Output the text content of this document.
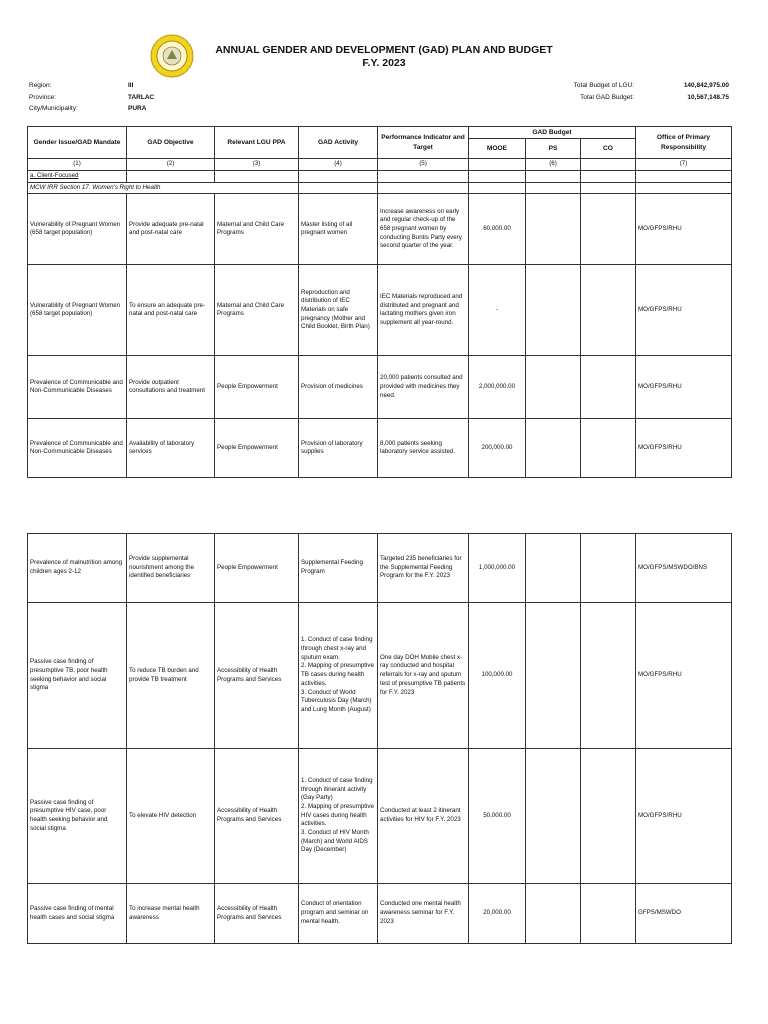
ANNUAL GENDER AND DEVELOPMENT (GAD) PLAN AND BUDGET
F.Y. 2023
Region:	III
Province:	TARLAC
City/Municipality:	PURA
Total Budget of LGU:	140,842,975.00
Total GAD Budget:	10,567,148.75
Gender Issue/GAD Mandate	GAD Objective	Relevant LGU PPA	GAD Activity	Performance Indicator and Target	GAD Budget			Office of Primary Responsibility
					MOOE	PS	CO	
(1)	(2)	(3)	(4)	(5)		(6)		(7)
a. Client-Focused								
MCW IRR Section 17. Women's Right to Health								
Vulnerability of Pregnant Women (658 target population)	Provide adequate pre-natal and post-natal care	Maternal and Child Care Programs	Master listing of all pregnant women	Increase awareness on early and regular check-up of the 658 pregnant women by conducting Buntis Party every second quarter of the year.	60,000.00			MO/GFPS/RHU
Vulnerability of Pregnant Women (658 target population)	To ensure an adequate pre-natal and post-natal care	Maternal and Child Care Programs	Reproduction and distribution of IEC Materials on safe pregnancy (Mother and Child Booklet, Birth Plan)	IEC Materials reproduced and distributed and pregnant and lactating mothers given iron supplement all year-round.	-			MO/GFPS/RHU
Prevalence of Communicable and Non-Communicable Diseases	Provide outpatient consultations and treatment	People Empowerment	Provision of medicines	20,000 patients consulted and provided with medicines they need.	2,000,000.00			MO/GFPS/RHU
Prevalence of Communicable and Non-Communicable Diseases	Availability of laboratory services	People Empowerment	Provision of laboratory supplies	8,000 patients seeking laboratory service assisted.	200,000.00			MO/GFPS/RHU
Prevalence of malnutrition among children ages 2-12	Provide supplemental nourishment among the identified beneficiaries	People Empowerment	Supplemental Feeding Program	Targeted 235 beneficiaries for the Supplemental Feeding Program for the F.Y. 2023	1,000,000.00			MO/GFPS/MSWDO/BNS
Passive case finding of presumptive TB, poor health seeking behavior and social stigma	To reduce TB burden and provide TB treatment	Accessibility of Health Programs and Services	1. Conduct of case finding through chest x-ray and sputum exam.
2. Mapping of presumptive TB cases during health activities.
3. Conduct of World Tuberculosis Day (March) and Lung Month (August)	One day DOH Mobile chest x-ray conducted and hospital referrals for x-ray and sputum test of presumptive TB patients for F.Y. 2023	100,000.00			MO/GFPS/RHU
Passive case finding of presumptive HIV case, poor health seeking behavior and social stigma	To elevate HIV detection	Accessibility of Health Programs and Services	1. Conduct of case finding through itinerant activity (Gay Party)
2. Mapping of presumptive HIV cases during health activities.
3. Conduct of HIV Month (March) and World AIDS Day (December)	Conducted at least 2 itinerant activities for HIV for F.Y. 2023	50,000.00			MO/GFPS/RHU
Passive case finding of mental health cases and social stigma	To increase mental health awareness	Accessibility of Health Programs and Services	Conduct of orientation program and seminar on mental health.	Conducted one mental health awareness seminar for F.Y. 2023	20,000.00			GFPS/MSWDO
